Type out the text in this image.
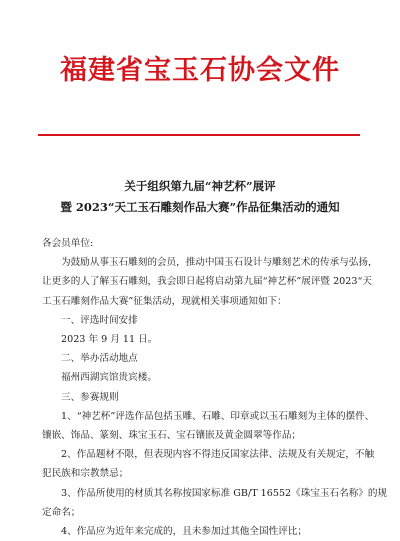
福建省宝玉石协会文件
关于组织第九届“神艺杯”展评
暨 2023“天工玉石雕刻作品大赛”作品征集活动的通知

各会员单位:

为鼓励从事玉石雕刻的会员，推动中国玉石设计与雕刻艺术的传承与弘扬，

让更多的人了解玉石雕刻，我会即日起将启动第九届“神艺杯”展评暨 2023“天

工玉石雕刻作品大赛”征集活动，现就相关事项通知如下：

一、评选时间安排

2023 年 9 月 11 日。

二、举办活动地点

福州西湖宾馆贵宾楼。

三、参赛规则

1、“神艺杯”评选作品包括玉雕、石雕、印章或以玉石雕刻为主体的摆件、

镶嵌、饰品、篆刻、珠宝玉石、宝石镶嵌及黄金圆翠等作品；

2、作品题材不限，但表现内容不得违反国家法律、法规及有关规定，不触

犯民族和宗教禁忌；

3、作品所使用的材质其名称按国家标准 GB/T 16552《珠宝玉石名称》的规

定命名；

4、作品应为近年来完成的，且未参加过其他全国性评比；
